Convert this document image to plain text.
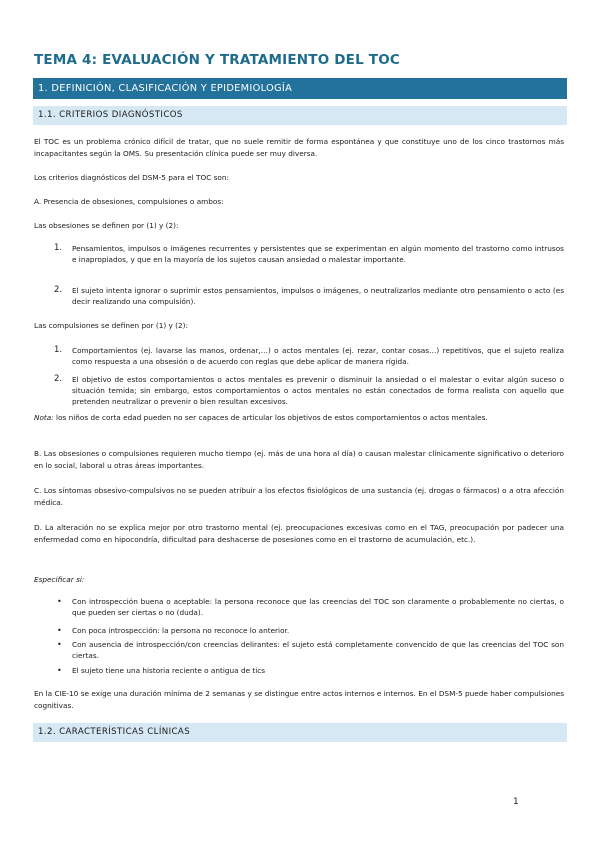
TEMA 4: EVALUACIÓN Y TRATAMIENTO DEL TOC
1. DEFINICIÓN, CLASIFICACIÓN Y EPIDEMIOLOGÍA
1.1. CRITERIOS DIAGNÓSTICOS

El TOC es un problema crónico difícil de tratar, que no suele remitir de forma espontánea y que constituye uno de los cinco trastornos más incapacitantes según la OMS. Su presentación clínica puede ser muy diversa.

Los criterios diagnósticos del DSM-5 para el TOC son:

A. Presencia de obsesiones, compulsiones o ambos:

Las obsesiones se definen por (1) y (2):

1. Pensamientos, impulsos o imágenes recurrentes y persistentes que se experimentan en algún momento del trastorno como intrusos e inapropiados, y que en la mayoría de los sujetos causan ansiedad o malestar importante.
2. El sujeto intenta ignorar o suprimir estos pensamientos, impulsos o imágenes, o neutralizarlos mediante otro pensamiento o acto (es decir realizando una compulsión).

Las compulsiones se definen por (1) y (2):

1. Comportamientos (ej. lavarse las manos, ordenar,…) o actos mentales (ej. rezar, contar cosas…) repetitivos, que el sujeto realiza como respuesta a una obsesión o de acuerdo con reglas que debe aplicar de manera rígida.
2. El objetivo de estos comportamientos o actos mentales es prevenir o disminuir la ansiedad o el malestar o evitar algún suceso o situación temida; sin embargo, estos comportamientos o actos mentales no están conectados de forma realista con aquello que pretenden neutralizar o prevenir o bien resultan excesivos.

Nota: los niños de corta edad pueden no ser capaces de articular los objetivos de estos comportamientos o actos mentales.

B. Las obsesiones o compulsiones requieren mucho tiempo (ej. más de una hora al día) o causan malestar clínicamente significativo o deterioro en lo social, laboral u otras áreas importantes.

C. Los síntomas obsesivo-compulsivos no se pueden atribuir a los efectos fisiológicos de una sustancia (ej. drogas o fármacos) o a otra afección médica.

D. La alteración no se explica mejor por otro trastorno mental (ej. preocupaciones excesivas como en el TAG, preocupación por padecer una enfermedad como en hipocondría, dificultad para deshacerse de posesiones como en el trastorno de acumulación, etc.).

Especificar si:

• Con introspección buena o aceptable: la persona reconoce que las creencias del TOC son claramente o probablemente no ciertas, o que pueden ser ciertas o no (duda).
• Con poca introspección: la persona no reconoce lo anterior.
• Con ausencia de introspección/con creencias delirantes: el sujeto está completamente convencido de que las creencias del TOC son ciertas.
• El sujeto tiene una historia reciente o antigua de tics

En la CIE-10 se exige una duración mínima de 2 semanas y se distingue entre actos internos e internos. En el DSM-5 puede haber compulsiones cognitivas.

1.2. CARACTERÍSTICAS CLÍNICAS
1
